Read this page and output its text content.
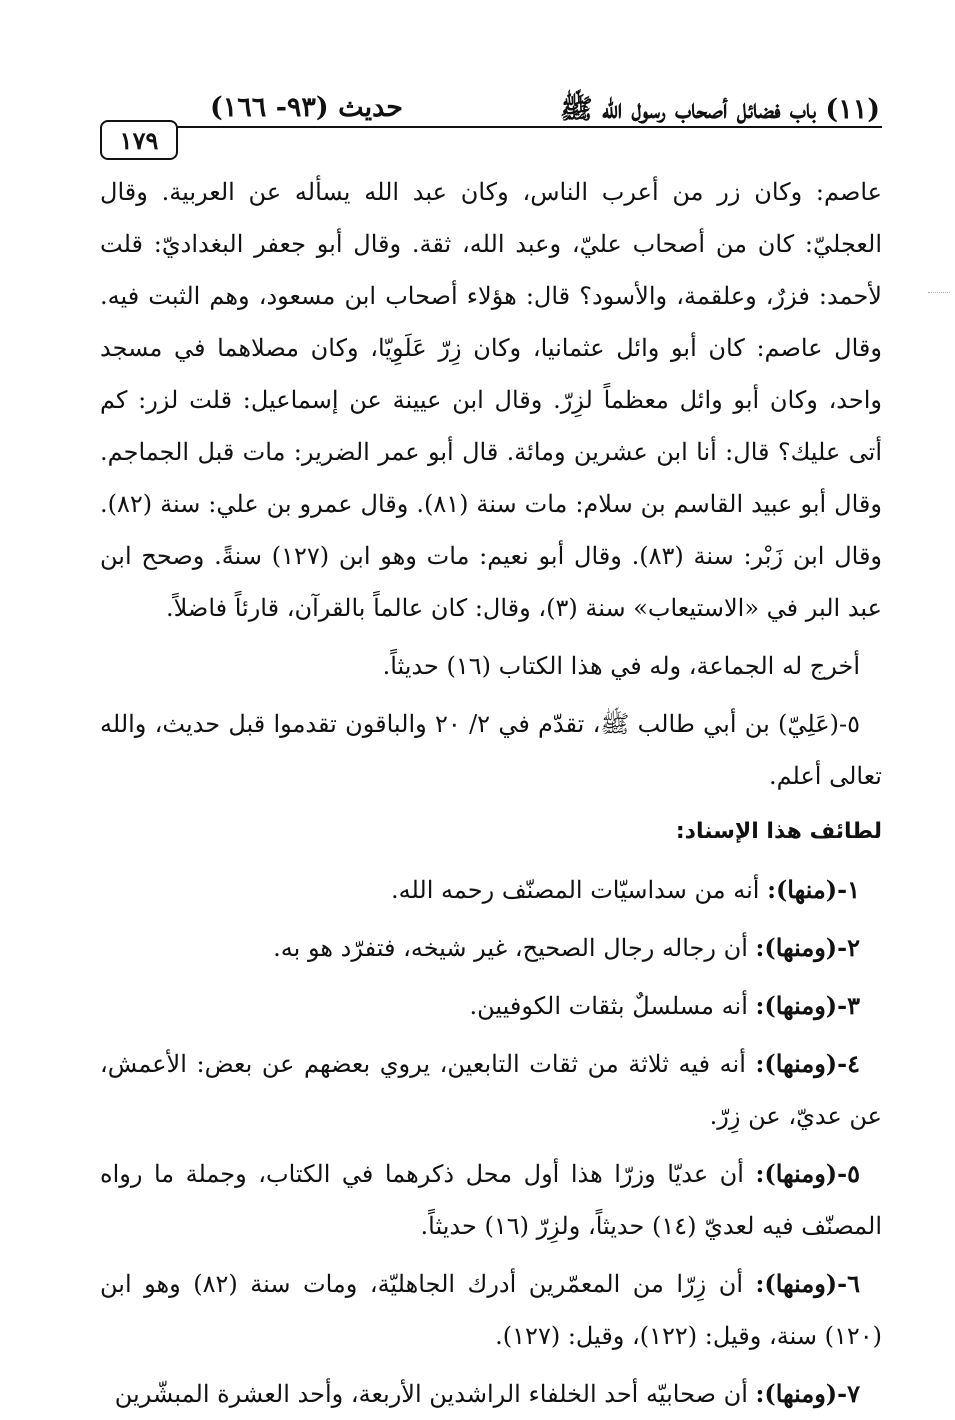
(١١) باب فضائل أصحاب رسول الله ﷺ
حديث (٩٣- ١٦٦)
١٧٩

عاصم: وكان زر من أعرب الناس، وكان عبد الله يسأله عن العربية. وقال العجليّ: كان من أصحاب عليّ، وعبد الله، ثقة. وقال أبو جعفر البغداديّ: قلت لأحمد: فزرٌ، وعلقمة، والأسود؟ قال: هؤلاء أصحاب ابن مسعود، وهم الثبت فيه. وقال عاصم: كان أبو وائل عثمانيا، وكان زِرّ عَلَوِيّا، وكان مصلاهما في مسجد واحد، وكان أبو وائل معظماً لزِرّ. وقال ابن عيينة عن إسماعيل: قلت لزر: كم أتى عليك؟ قال: أنا ابن عشرين ومائة. قال أبو عمر الضرير: مات قبل الجماجم. وقال أبو عبيد القاسم بن سلام: مات سنة (٨١). وقال عمرو بن علي: سنة (٨٢). وقال ابن زَبْر: سنة (٨٣). وقال أبو نعيم: مات وهو ابن (١٢٧) سنةً. وصحح ابن عبد البر في «الاستيعاب» سنة (٣)، وقال: كان عالماً بالقرآن، قارئاً فاضلاً.

أخرج له الجماعة، وله في هذا الكتاب (١٦) حديثاً.

٥-(عَلِيّ) بن أبي طالب ﷺ، تقدّم في ٢/ ٢٠ والباقون تقدموا قبل حديث، والله تعالى أعلم.

لطائف هذا الإسناد:

١-(منها): أنه من سداسيّات المصنّف رحمه الله.

٢-(ومنها): أن رجاله رجال الصحيح، غير شيخه، فتفرّد هو به.

٣-(ومنها): أنه مسلسلٌ بثقات الكوفيين.

٤-(ومنها): أنه فيه ثلاثة من ثقات التابعين، يروي بعضهم عن بعض: الأعمش، عن عديّ، عن زِرّ.

٥-(ومنها): أن عديّا وزرّا هذا أول محل ذكرهما في الكتاب، وجملة ما رواه المصنّف فيه لعديّ (١٤) حديثاً، ولزِرّ (١٦) حديثاً.

٦-(ومنها): أن زِرّا من المعمّرين أدرك الجاهليّة، ومات سنة (٨٢) وهو ابن (١٢٠) سنة، وقيل: (١٢٢)، وقيل: (١٢٧).

٧-(ومنها): أن صحابيّه أحد الخلفاء الراشدين الأربعة، وأحد العشرة المبشّرين
